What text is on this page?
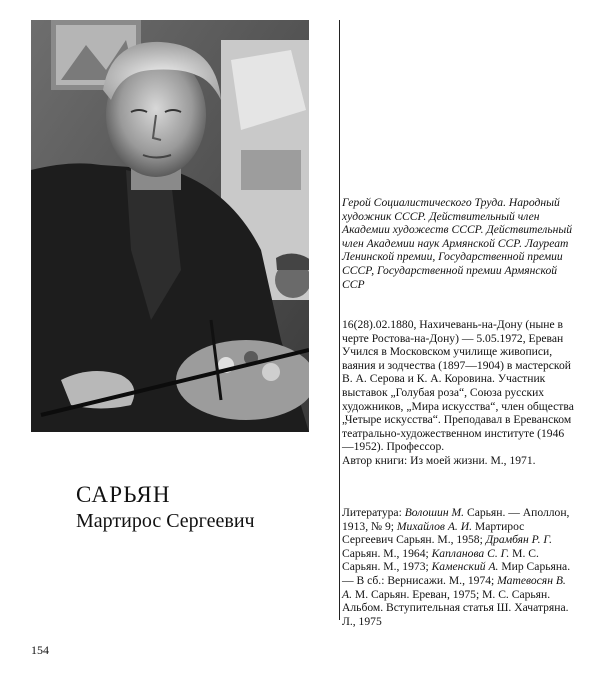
САРЬЯН
Мартирос Сергеевич
Герой Социалистического Труда. Народный художник СССР. Действительный член Академии художеств СССР. Действительный член Академии наук Армянской ССР. Лауреат Ленинской премии, Государственной премии СССР, Государственной премии Армянской ССР

16(28).02.1880, Нахичевань-на-Дону (ныне в черте Ростова-на-Дону) — 5.05.1972, Ереван

Учился в Московском училище живописи, ваяния и зодчества (1897—1904) в мастерской В. А. Серова и К. А. Коровина. Участник выставок „Голубая роза“, Союза русских художников, „Мира искусства“, член общества „Четыре искусства“. Преподавал в Ереванском театрально-художественном институте (1946—1952). Профессор.

Автор книги: Из моей жизни. М., 1971.

Литература: Волошин М. Сарьян. — Аполлон, 1913, № 9; Михайлов А. И. Мартирос Сергеевич Сарьян. М., 1958; Драмбян Р. Г. Сарьян. М., 1964; Капланова С. Г. М. С. Сарьян. М., 1973; Каменский А. Мир Сарьяна. — В сб.: Вернисажи. М., 1974; Матевосян В. А. М. Сарьян. Ереван, 1975; М. С. Сарьян. Альбом. Вступительная статья Ш. Хачатряна. Л., 1975

154
